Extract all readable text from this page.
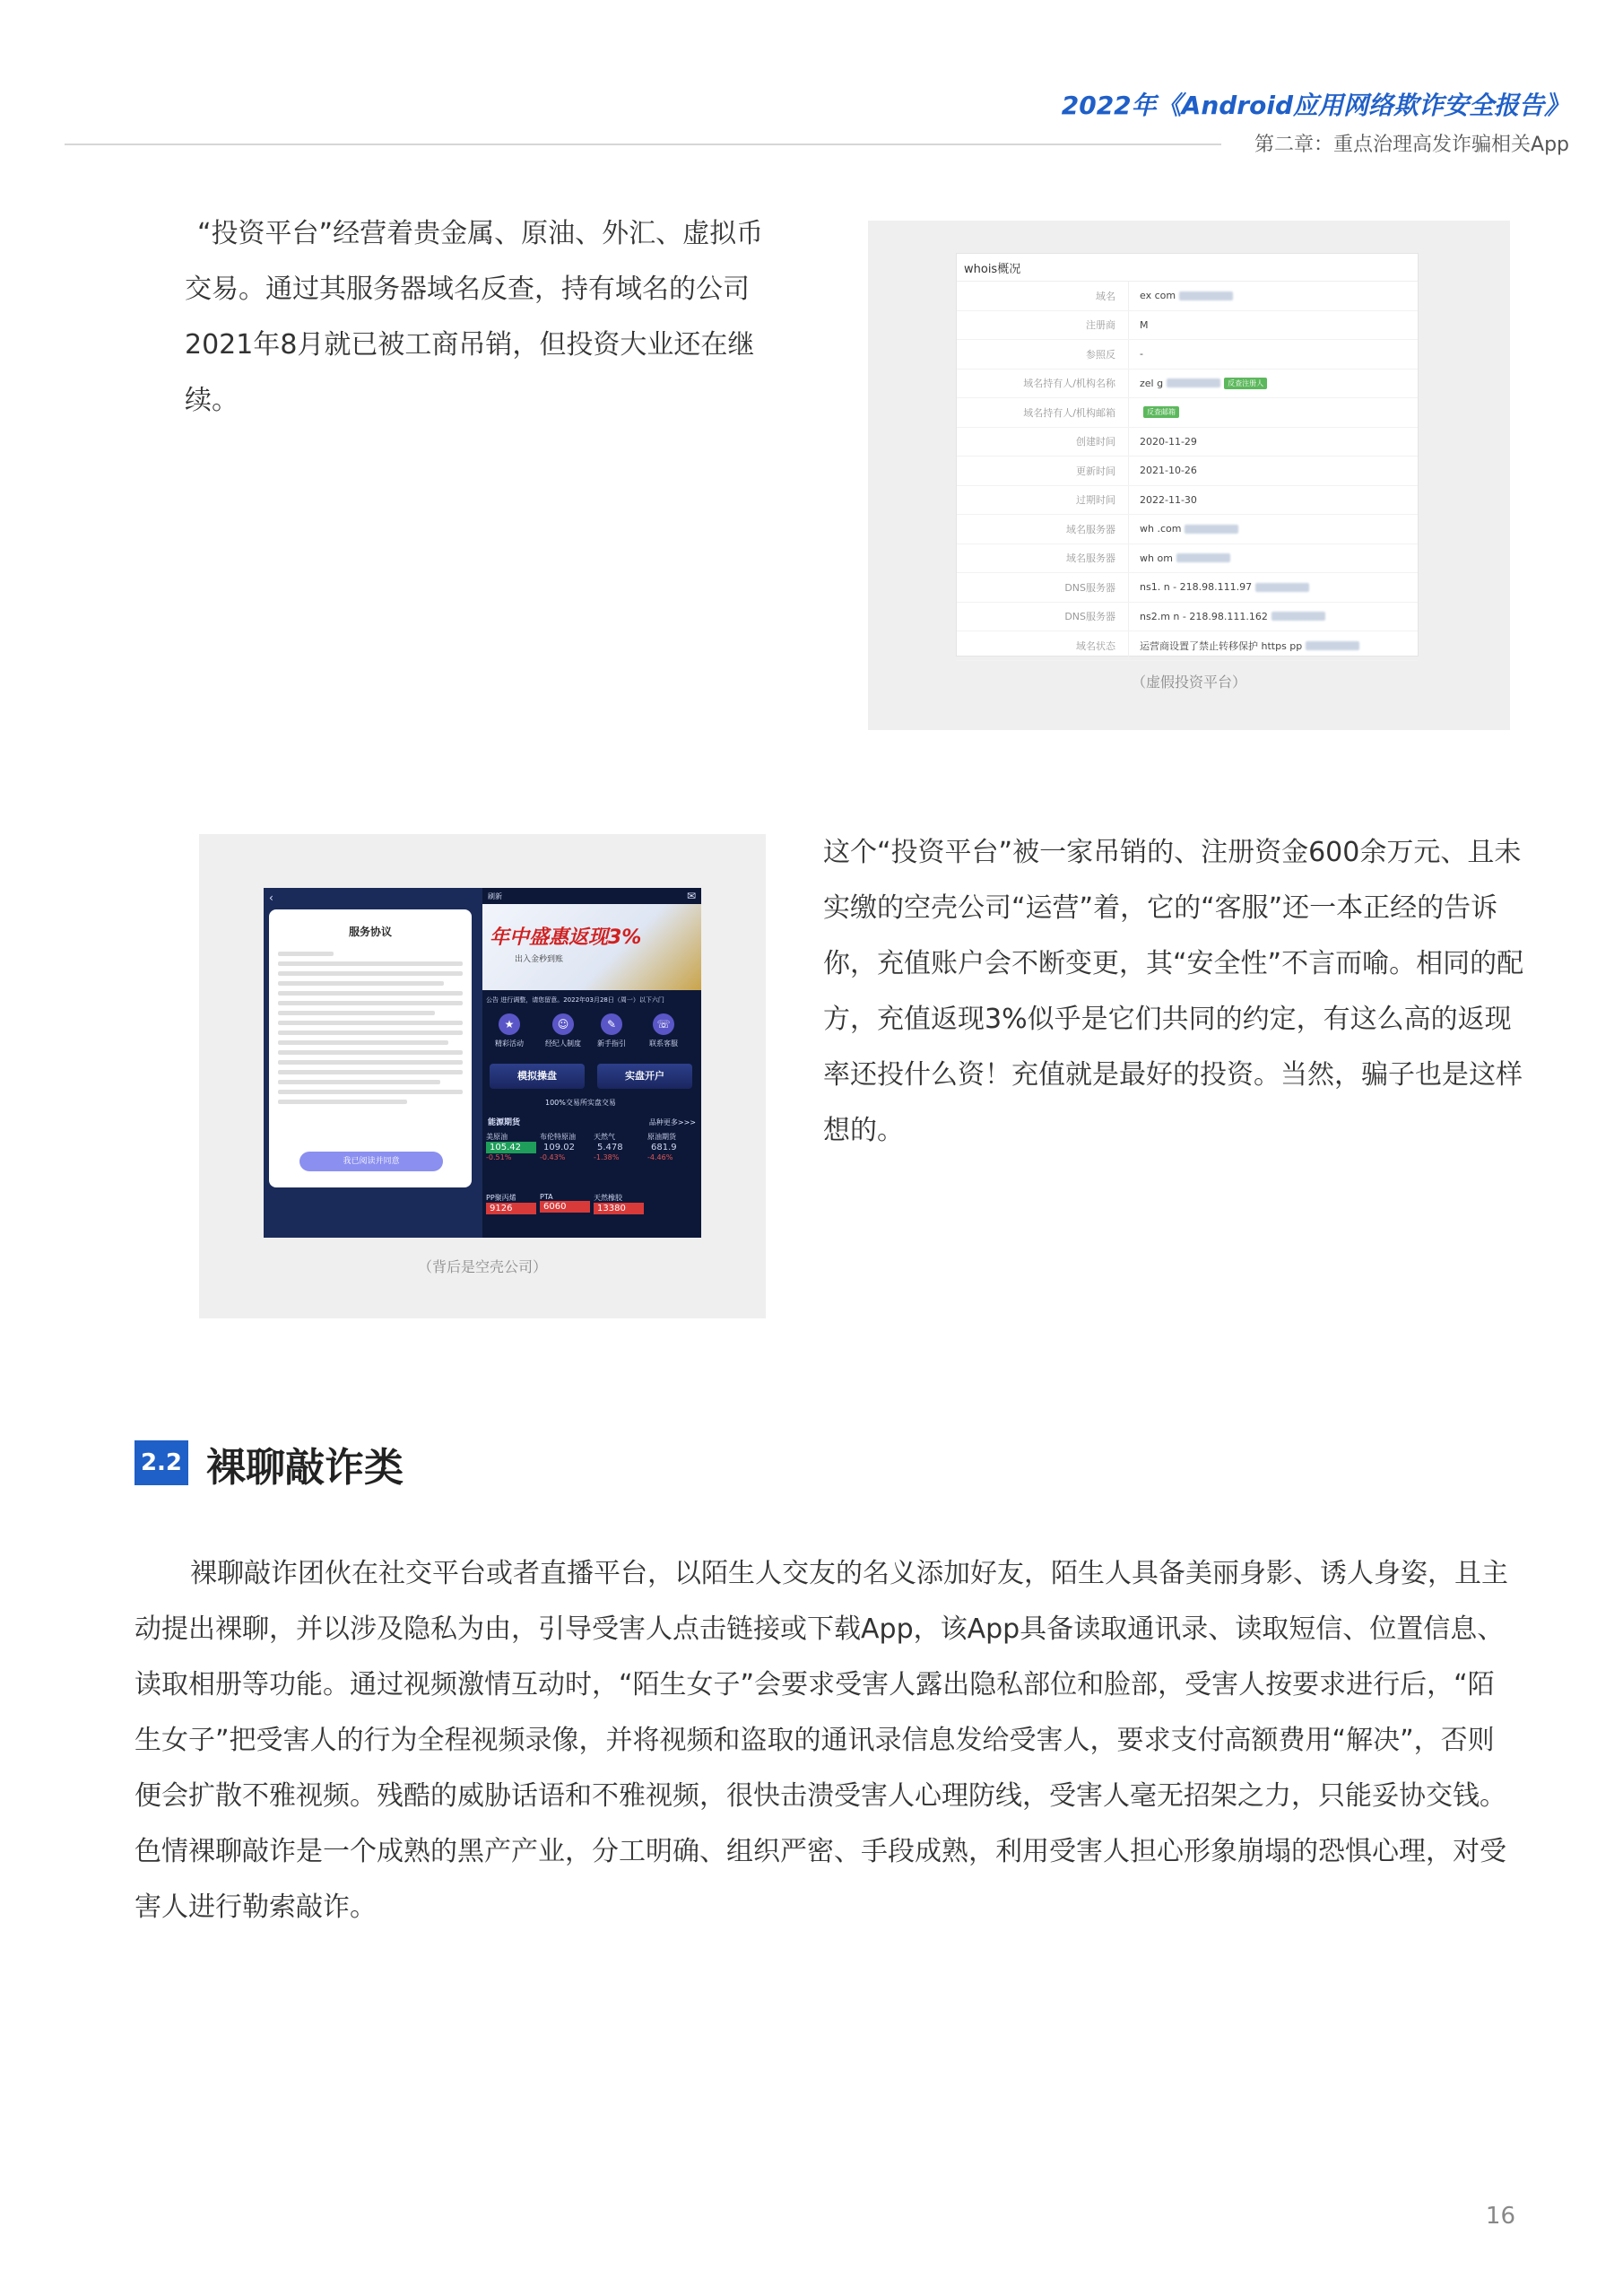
2022年《Android应用网络欺诈安全报告》
第二章：重点治理高发诈骗相关App
“投资平台”经营着贵金属、原油、外汇、虚拟币交易。通过其服务器域名反查，持有域名的公司2021年8月就已被工商吊销，但投资大业还在继续。
whois概况
域名	ex com
注册商	M
参照反	-
域名持有人/机构名称	zel g	反查注册人
域名持有人/机构邮箱	反查邮箱
创建时间	2020-11-29
更新时间	2021-10-26
过期时间	2022-11-30
域名服务器	wh .com
域名服务器	wh om
DNS服务器	ns1. n - 218.98.111.97
DNS服务器	ns2.m n - 218.98.111.162
域名状态	运营商设置了禁止转移保护 https pp
（虚假投资平台）
‹
服务协议
我已阅读并同意
刷新	✉
年中盛惠返现3%
出入金秒到账
公告 进行调整，请您留意。2022年03月28日（周一）以下六门
★
精彩活动
☺
经纪人制度
✎
新手指引
☏
联系客服
模拟操盘	实盘开户
100%交易所实盘交易
能源期货	品种更多>>>
美原油
105.42
-0.51%
布伦特原油
109.02
-0.43%
天然气
5.478
-1.38%
原油期货
681.9
-4.46%
PP聚丙烯
9126
PTA
6060
天然橡胶
13380
（背后是空壳公司）
这个“投资平台”被一家吊销的、注册资金600余万元、且未实缴的空壳公司“运营”着，它的“客服”还一本正经的告诉你，充值账户会不断变更，其“安全性”不言而喻。相同的配方，充值返现3%似乎是它们共同的约定，有这么高的返现率还投什么资！充值就是最好的投资。当然，骗子也是这样想的。
2.2 裸聊敲诈类
裸聊敲诈团伙在社交平台或者直播平台，以陌生人交友的名义添加好友，陌生人具备美丽身影、诱人身姿，且主动提出裸聊，并以涉及隐私为由，引导受害人点击链接或下载App，该App具备读取通讯录、读取短信、位置信息、读取相册等功能。通过视频激情互动时，“陌生女子”会要求受害人露出隐私部位和脸部，受害人按要求进行后，“陌生女子”把受害人的行为全程视频录像，并将视频和盗取的通讯录信息发给受害人，要求支付高额费用“解决”，否则便会扩散不雅视频。残酷的威胁话语和不雅视频，很快击溃受害人心理防线，受害人毫无招架之力，只能妥协交钱。色情裸聊敲诈是一个成熟的黑产产业，分工明确、组织严密、手段成熟，利用受害人担心形象崩塌的恐惧心理，对受害人进行勒索敲诈。
16
